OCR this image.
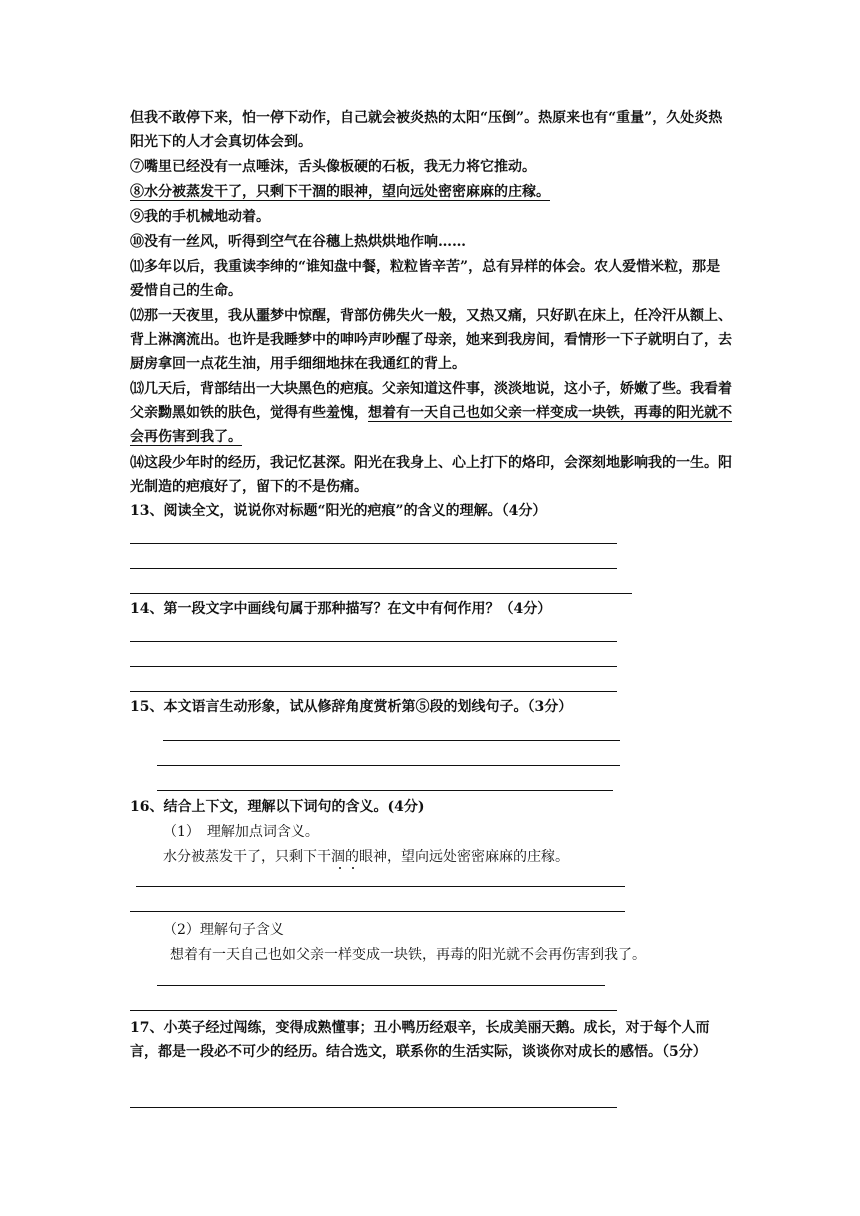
但我不敢停下来，怕一停下动作，自己就会被炎热的太阳“压倒”。热原来也有“重量”，久处炎热阳光下的人才会真切体会到。

⑦嘴里已经没有一点唾沫，舌头像板硬的石板，我无力将它推动。

⑧水分被蒸发干了，只剩下干涸的眼神，望向远处密密麻麻的庄稼。

⑨我的手机械地动着。

⑩没有一丝风，听得到空气在谷穗上热烘烘地作响……

⑾多年以后，我重读李绅的“谁知盘中餐，粒粒皆辛苦”，总有异样的体会。农人爱惜米粒，那是爱惜自己的生命。

⑿那一天夜里，我从噩梦中惊醒，背部仿佛失火一般，又热又痛，只好趴在床上，任冷汗从额上、背上淋漓流出。也许是我睡梦中的呻吟声吵醒了母亲，她来到我房间，看情形一下子就明白了，去厨房拿回一点花生油，用手细细地抹在我通红的背上。

⒀几天后，背部结出一大块黑色的疤痕。父亲知道这件事，淡淡地说，这小子，娇嫩了些。我看着父亲黝黑如铁的肤色，觉得有些羞愧，想着有一天自己也如父亲一样变成一块铁，再毒的阳光就不会再伤害到我了。

⒁这段少年时的经历，我记忆甚深。阳光在我身上、心上打下的烙印，会深刻地影响我的一生。阳光制造的疤痕好了，留下的不是伤痛。

13、阅读全文，说说你对标题“阳光的疤痕”的含义的理解。（4分）

14、第一段文字中画线句属于那种描写？在文中有何作用？（4分）

15、本文语言生动形象，试从修辞角度赏析第⑤段的划线句子。（3分）

16、结合上下文，理解以下词句的含义。(4分)

（1）　理解加点词含义。

水分被蒸发干了，只剩下干涸的眼神，望向远处密密麻麻的庄稼。

（2）理解句子含义

想着有一天自己也如父亲一样变成一块铁，再毒的阳光就不会再伤害到我了。

17、小英子经过闯练，变得成熟懂事；丑小鸭历经艰辛，长成美丽天鹅。成长，对于每个人而言，都是一段必不可少的经历。结合选文，联系你的生活实际，谈谈你对成长的感悟。（5分）
